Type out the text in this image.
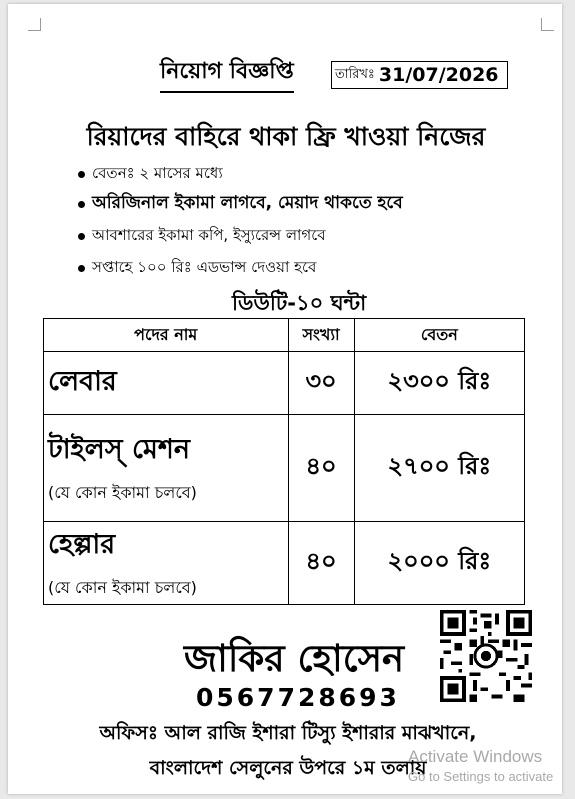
নিয়োগ বিজ্ঞপ্তি	তারিখঃ 31/07/2026
রিয়াদের বাহিরে থাকা ফ্রি খাওয়া নিজের
বেতনঃ ২ মাসের মধ্যে
অরিজিনাল ইকামা লাগবে, মেয়াদ থাকতে হবে
আবশারের ইকামা কপি, ইস্যুরেন্স লাগবে
সপ্তাহে ১০০ রিঃ এডভান্স দেওয়া হবে
ডিউটি-১০ ঘন্টা
পদের নাম	সংখ্যা	বেতন

লেবার	৩০	২৩০০ রিঃ

টাইলস্ মেশন
(যে কোন ইকামা চলবে)	৪০	২৭০০ রিঃ

হেল্পার
(যে কোন ইকামা চলবে)	৪০	২০০০ রিঃ
জাকির হোসেন
0567728693
অফিসঃ আল রাজি ইশারা টিস্যু ইশারার মাঝখানে,
বাংলাদেশ সেলুনের উপরে ১ম তলায়
Activate Windows
Go to Settings to activate
